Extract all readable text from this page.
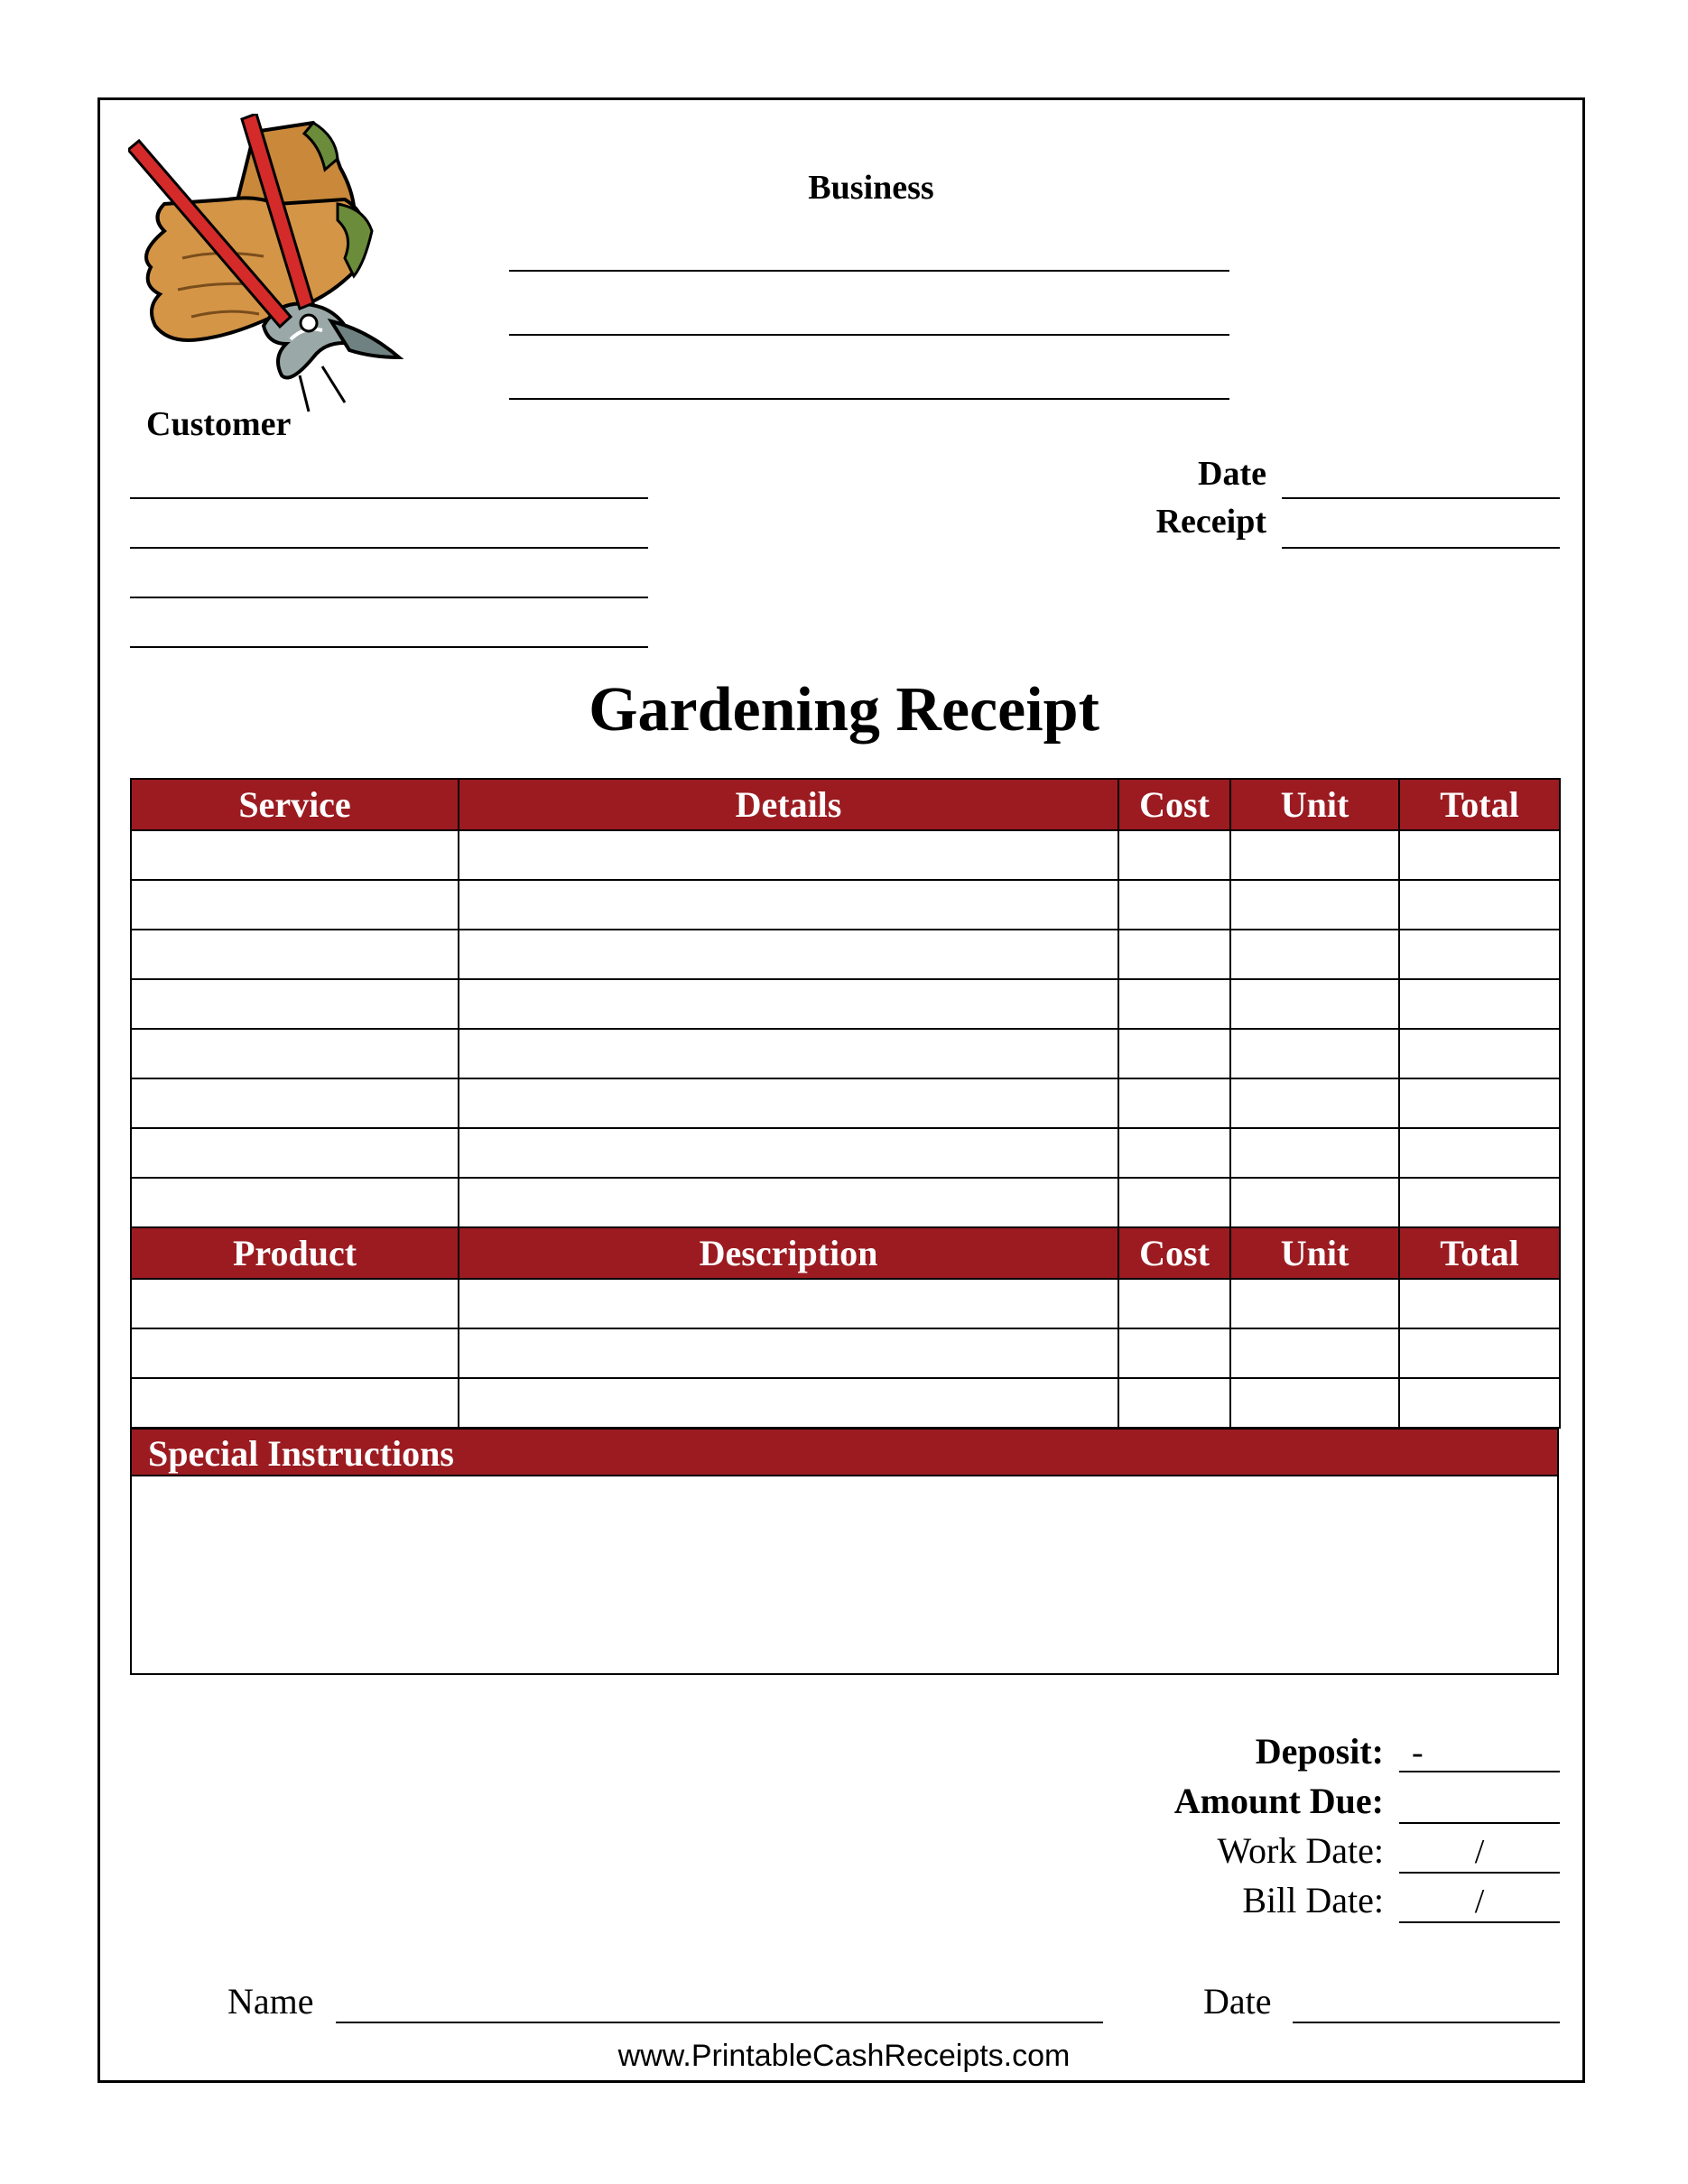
Business
Customer
Date
Receipt
Gardening Receipt
Service	Details	Cost	Unit	Total

Product	Description	Cost	Unit	Total

Special Instructions
Deposit: -
Amount Due:
Work Date:	/
Bill Date:	/
Name	Date
www.PrintableCashReceipts.com
